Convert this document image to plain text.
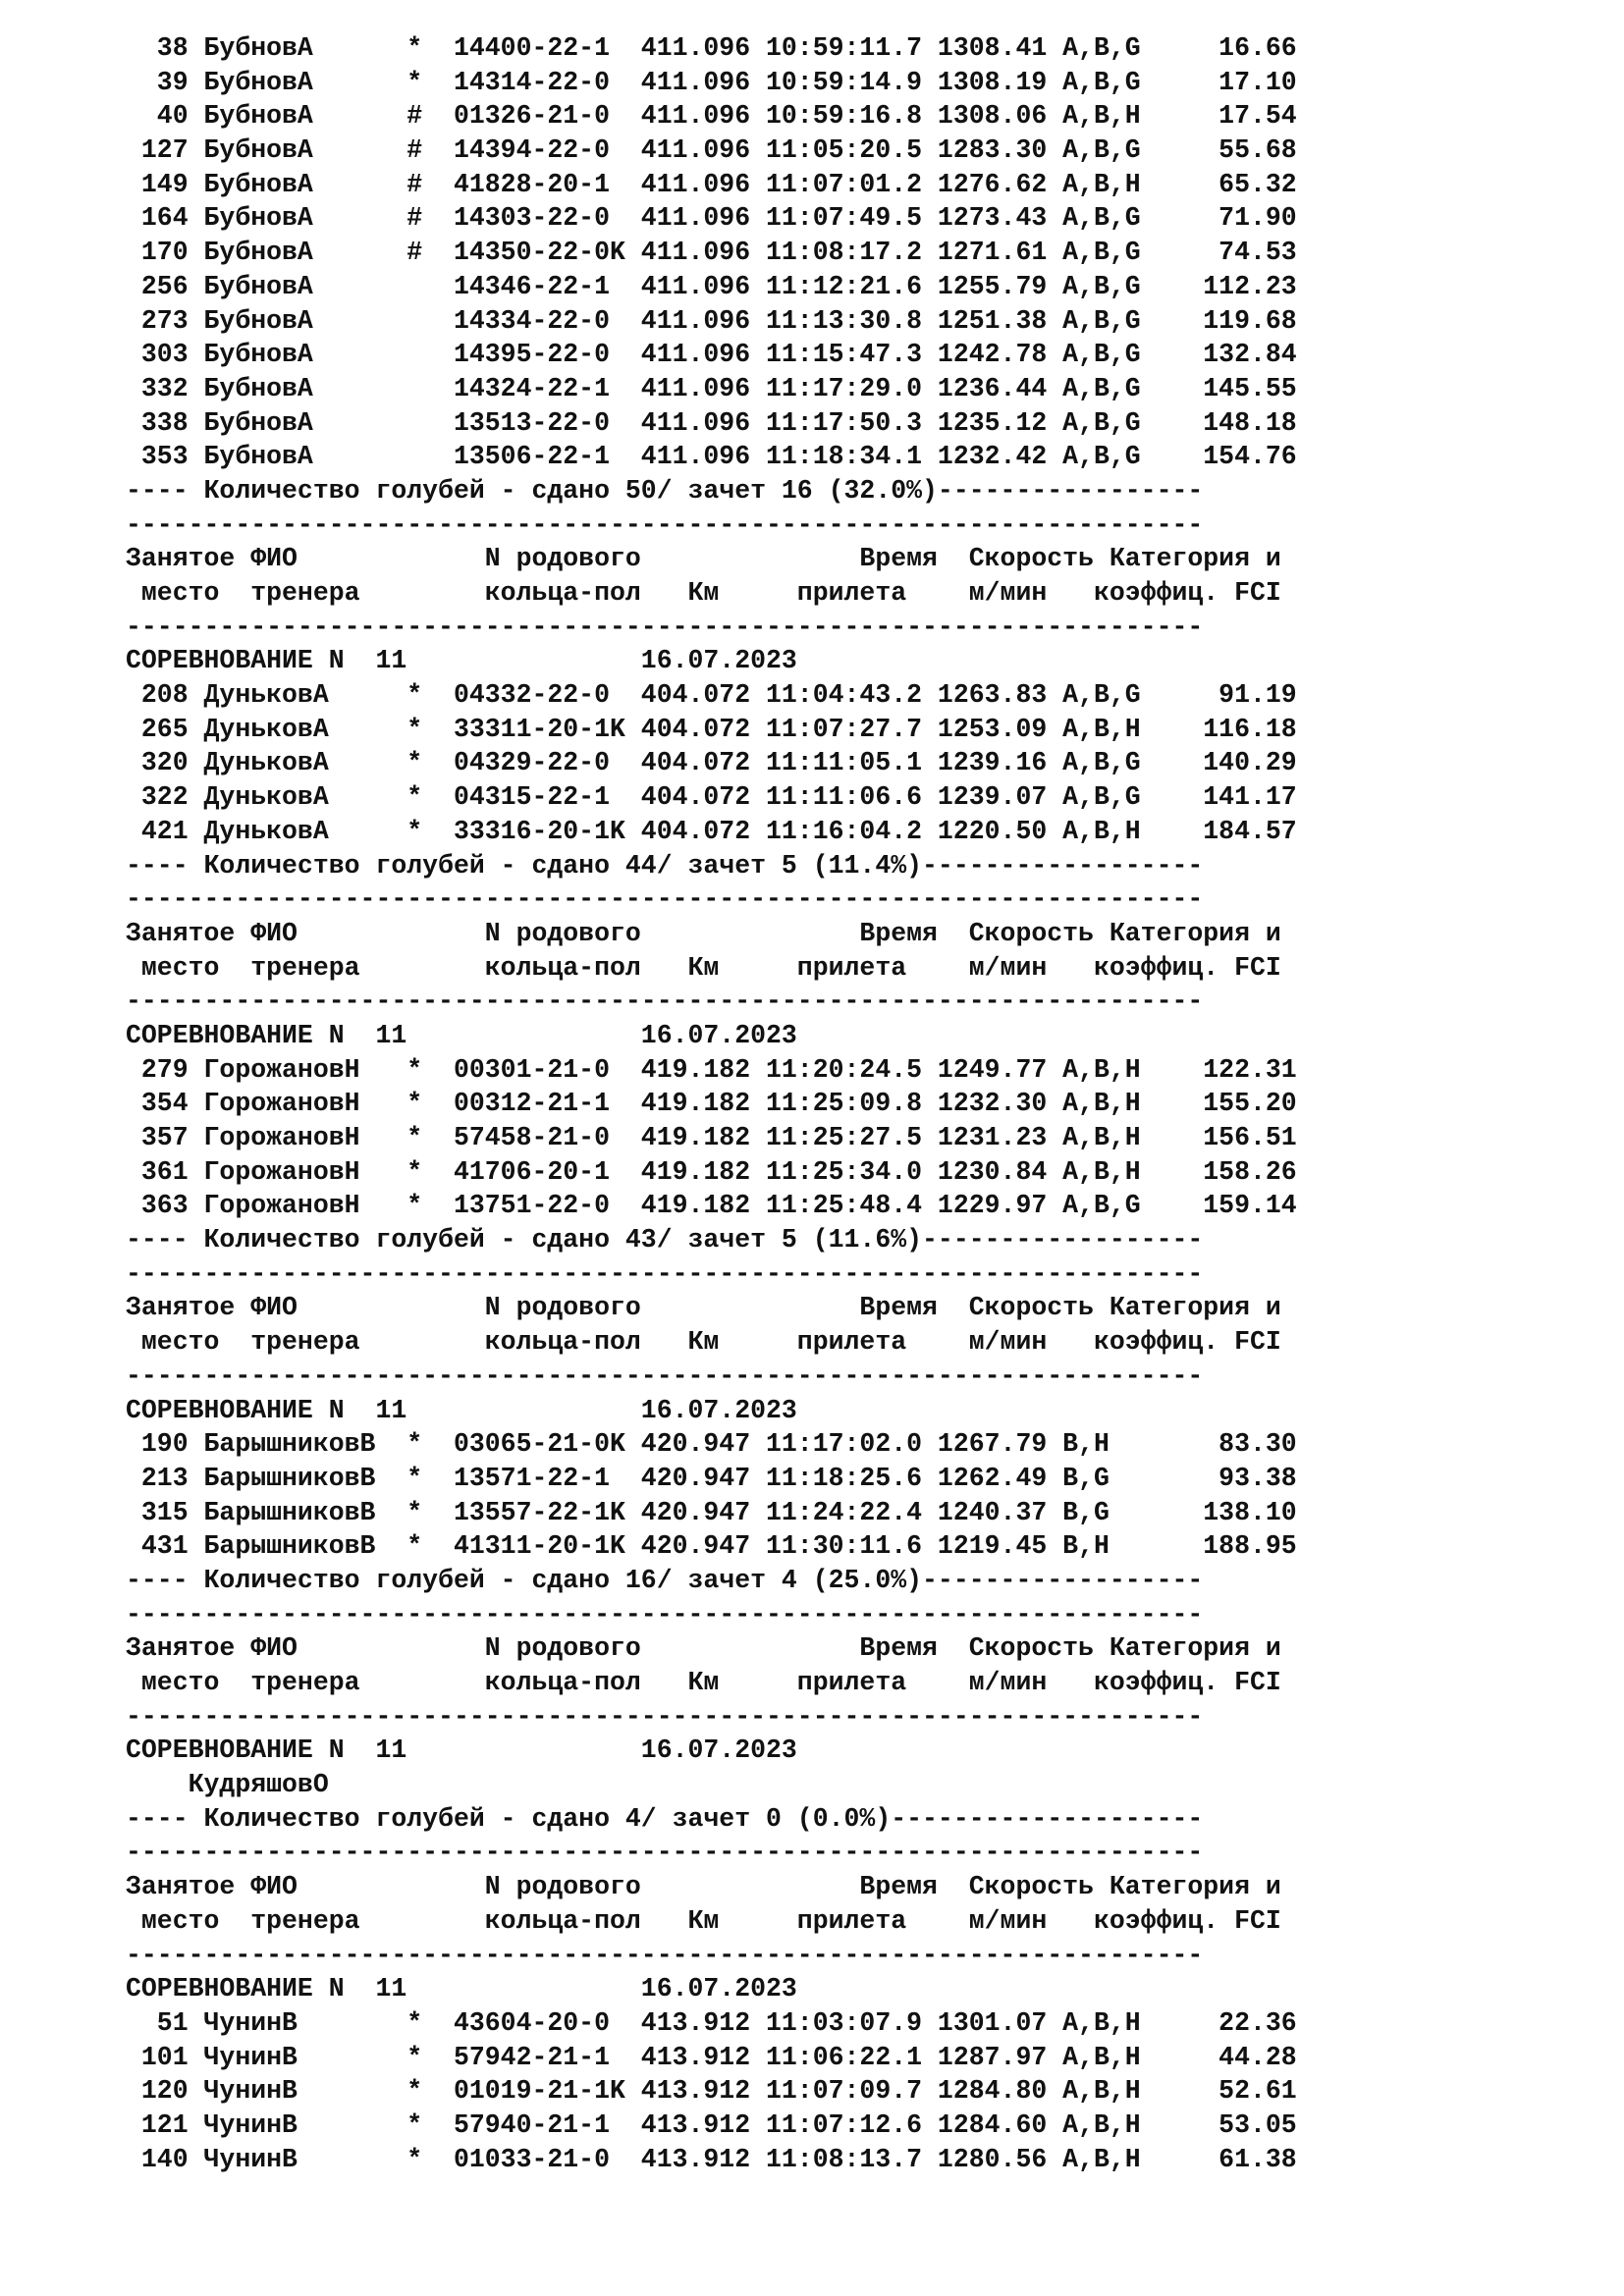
38 БубновА      *  14400-22-1  411.096 10:59:11.7 1308.41 A,B,G     16.66
39 БубновА      *  14314-22-0  411.096 10:59:14.9 1308.19 A,B,G     17.10
40 БубновА      #  01326-21-0  411.096 10:59:16.8 1308.06 A,B,H     17.54
127 БубновА      #  14394-22-0  411.096 11:05:20.5 1283.30 A,B,G     55.68
149 БубновА      #  41828-20-1  411.096 11:07:01.2 1276.62 A,B,H     65.32
164 БубновА      #  14303-22-0  411.096 11:07:49.5 1273.43 A,B,G     71.90
170 БубновА      #  14350-22-0K 411.096 11:08:17.2 1271.61 A,B,G     74.53
256 БубновА         14346-22-1  411.096 11:12:21.6 1255.79 A,B,G    112.23
273 БубновА         14334-22-0  411.096 11:13:30.8 1251.38 A,B,G    119.68
303 БубновА         14395-22-0  411.096 11:15:47.3 1242.78 A,B,G    132.84
332 БубновА         14324-22-1  411.096 11:17:29.0 1236.44 A,B,G    145.55
338 БубновА         13513-22-0  411.096 11:17:50.3 1235.12 A,B,G    148.18
353 БубновА         13506-22-1  411.096 11:18:34.1 1232.42 A,B,G    154.76
---- Количество голубей - сдано 50/ зачет 16 (32.0%)-----------------
---------------------------------------------------------------------
Занятое ФИО            N родового              Время  Скорость Категория и
место  тренера        кольца-пол   Км     прилета    м/мин   коэффиц. FCI
---------------------------------------------------------------------
СОРЕВНОВАНИЕ N  11               16.07.2023
208 ДуньковА     *  04332-22-0  404.072 11:04:43.2 1263.83 A,B,G     91.19
265 ДуньковА     *  33311-20-1K 404.072 11:07:27.7 1253.09 A,B,H    116.18
320 ДуньковА     *  04329-22-0  404.072 11:11:05.1 1239.16 A,B,G    140.29
322 ДуньковА     *  04315-22-1  404.072 11:11:06.6 1239.07 A,B,G    141.17
421 ДуньковА     *  33316-20-1K 404.072 11:16:04.2 1220.50 A,B,H    184.57
---- Количество голубей - сдано 44/ зачет 5 (11.4%)------------------
---------------------------------------------------------------------
Занятое ФИО            N родового              Время  Скорость Категория и
место  тренера        кольца-пол   Км     прилета    м/мин   коэффиц. FCI
---------------------------------------------------------------------
СОРЕВНОВАНИЕ N  11               16.07.2023
279 ГорожановН   *  00301-21-0  419.182 11:20:24.5 1249.77 A,B,H    122.31
354 ГорожановН   *  00312-21-1  419.182 11:25:09.8 1232.30 A,B,H    155.20
357 ГорожановН   *  57458-21-0  419.182 11:25:27.5 1231.23 A,B,H    156.51
361 ГорожановН   *  41706-20-1  419.182 11:25:34.0 1230.84 A,B,H    158.26
363 ГорожановН   *  13751-22-0  419.182 11:25:48.4 1229.97 A,B,G    159.14
---- Количество голубей - сдано 43/ зачет 5 (11.6%)------------------
---------------------------------------------------------------------
Занятое ФИО            N родового              Время  Скорость Категория и
место  тренера        кольца-пол   Км     прилета    м/мин   коэффиц. FCI
---------------------------------------------------------------------
СОРЕВНОВАНИЕ N  11               16.07.2023
190 БарышниковВ  *  03065-21-0K 420.947 11:17:02.0 1267.79 B,H       83.30
213 БарышниковВ  *  13571-22-1  420.947 11:18:25.6 1262.49 B,G       93.38
315 БарышниковВ  *  13557-22-1K 420.947 11:24:22.4 1240.37 B,G      138.10
431 БарышниковВ  *  41311-20-1K 420.947 11:30:11.6 1219.45 B,H      188.95
---- Количество голубей - сдано 16/ зачет 4 (25.0%)------------------
---------------------------------------------------------------------
Занятое ФИО            N родового              Время  Скорость Категория и
место  тренера        кольца-пол   Км     прилета    м/мин   коэффиц. FCI
---------------------------------------------------------------------
СОРЕВНОВАНИЕ N  11               16.07.2023
КудряшовО
---- Количество голубей - сдано 4/ зачет 0 (0.0%)--------------------
---------------------------------------------------------------------
Занятое ФИО            N родового              Время  Скорость Категория и
место  тренера        кольца-пол   Км     прилета    м/мин   коэффиц. FCI
---------------------------------------------------------------------
СОРЕВНОВАНИЕ N  11               16.07.2023
51 ЧунинВ       *  43604-20-0  413.912 11:03:07.9 1301.07 A,B,H     22.36
101 ЧунинВ       *  57942-21-1  413.912 11:06:22.1 1287.97 A,B,H     44.28
120 ЧунинВ       *  01019-21-1K 413.912 11:07:09.7 1284.80 A,B,H     52.61
121 ЧунинВ       *  57940-21-1  413.912 11:07:12.6 1284.60 A,B,H     53.05
140 ЧунинВ       *  01033-21-0  413.912 11:08:13.7 1280.56 A,B,H     61.38
